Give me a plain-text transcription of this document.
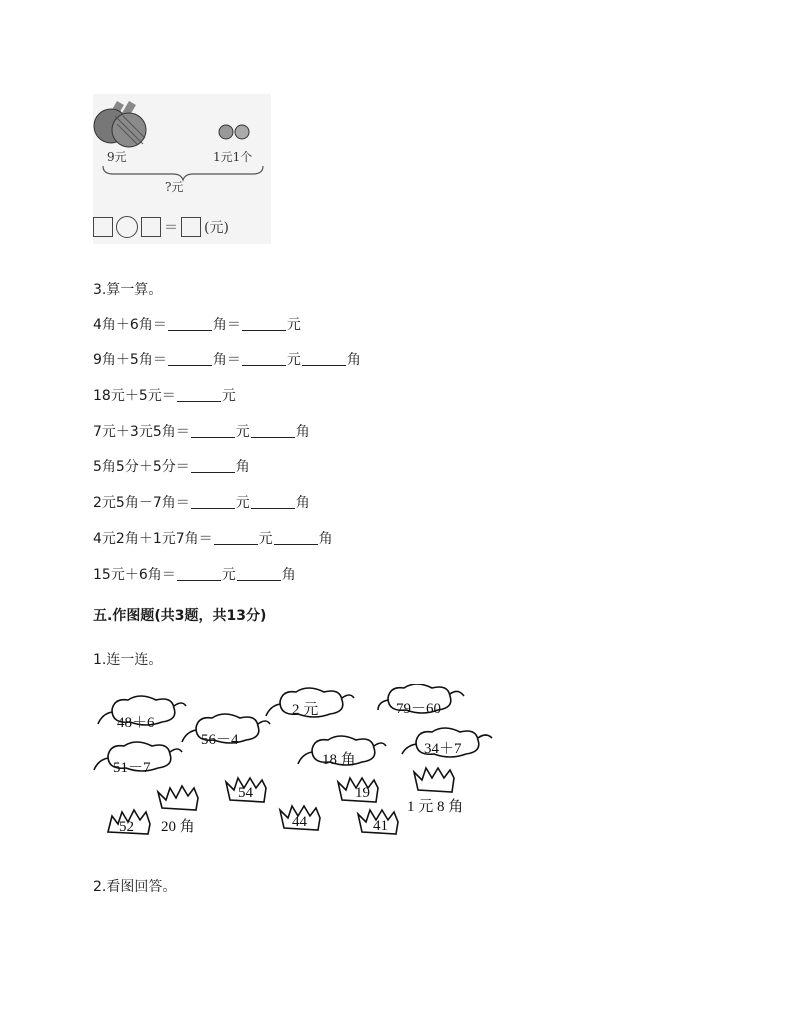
9元	1元1个
?元
＝ (元)
3.算一算。
4角＋6角＝	角＝	元
9角＋5角＝	角＝	元	角
18元＋5元＝	元
7元＋3元5角＝	元	角
5角5分＋5分＝	角
2元5角－7角＝	元	角
4元2角＋1元7角＝	元	角
15元＋6角＝	元	角
五.作图题(共3题，共13分)
1.连一连。
48＋6
56－4
51－7
2 元
18 角
79－60
34＋7
52
54
44
19
41
20 角
1 元 8 角
2.看图回答。
